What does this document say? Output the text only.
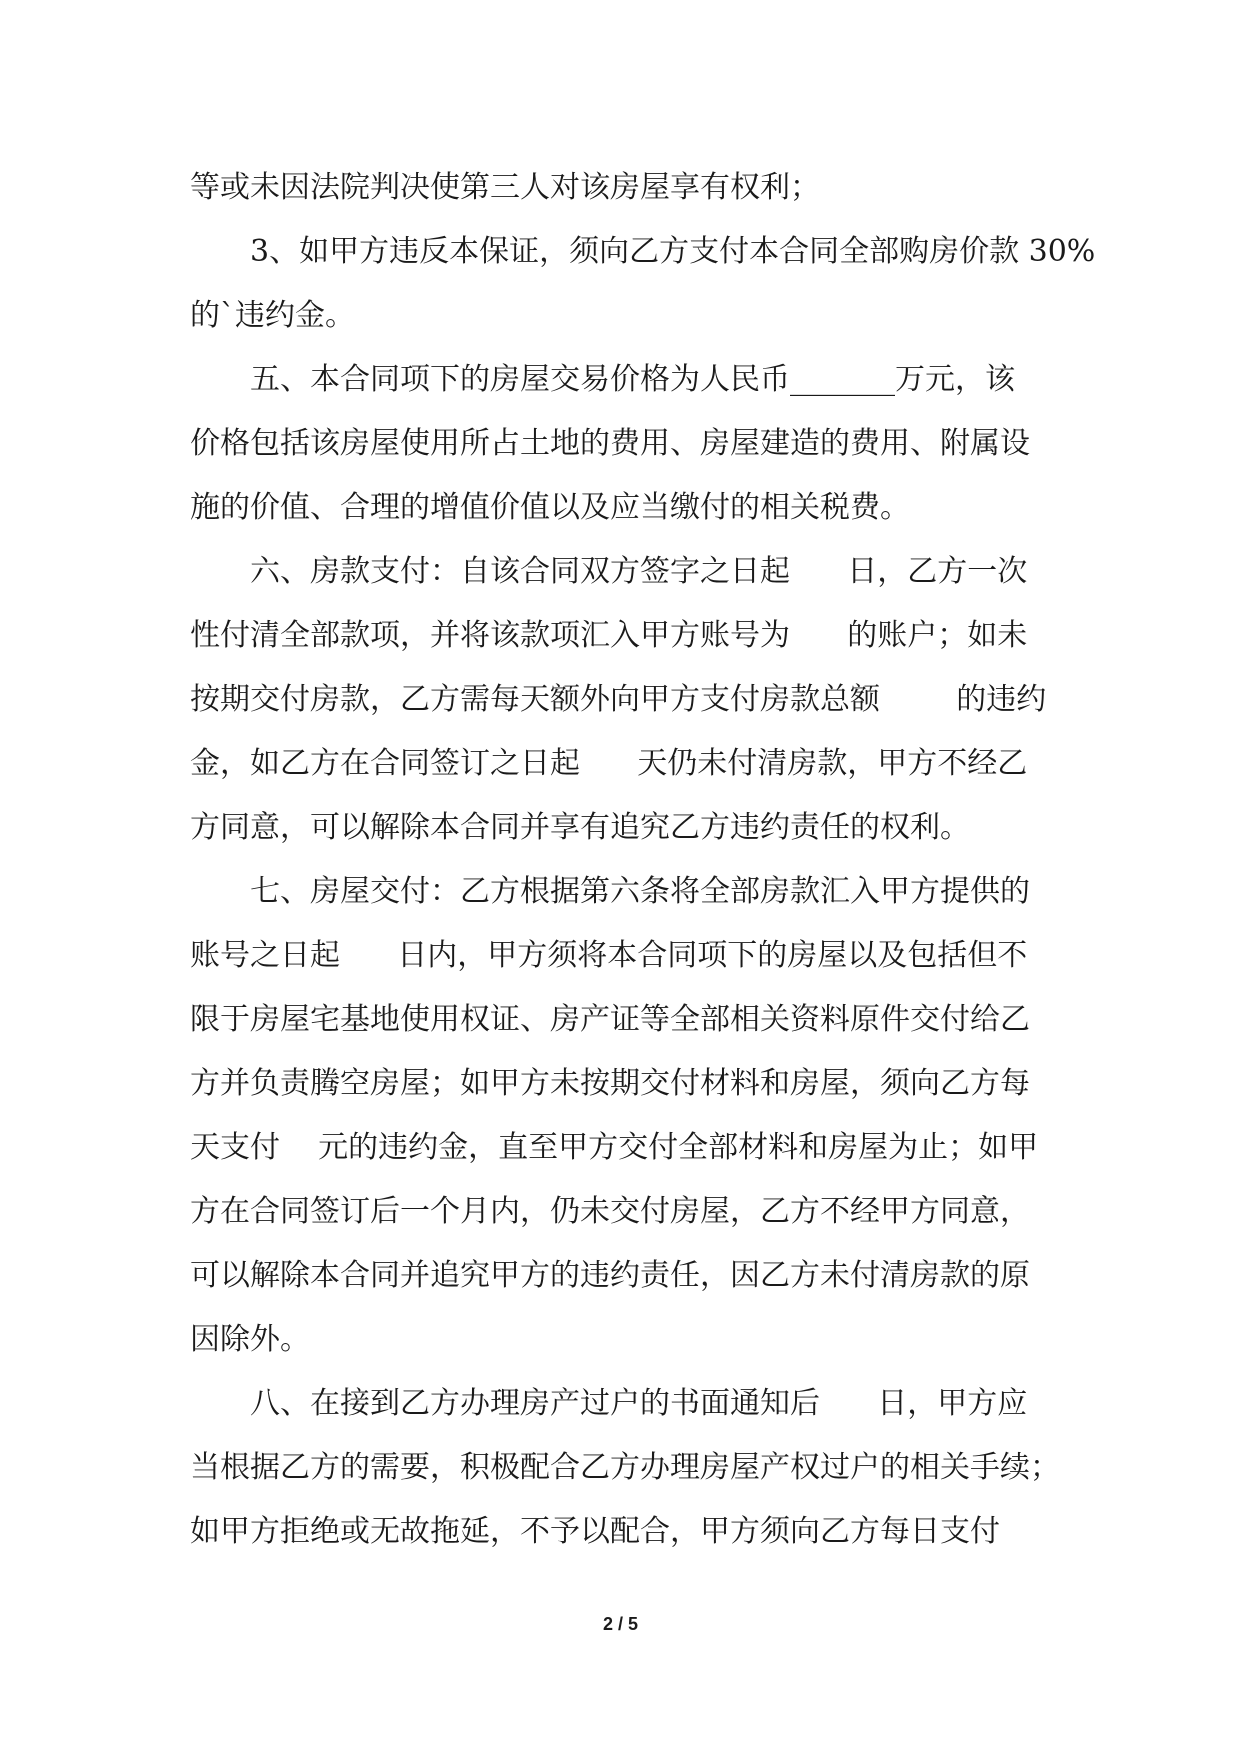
等或未因法院判决使第三人对该房屋享有权利；
3、如甲方违反本保证，须向乙方支付本合同全部购房价款 30%
的`违约金。
五、本合同项下的房屋交易价格为人民币_______万元，该
价格包括该房屋使用所占土地的费用、房屋建造的费用、附属设
施的价值、合理的增值价值以及应当缴付的相关税费。
六、房款支付：自该合同双方签字之日起      日，乙方一次
性付清全部款项，并将该款项汇入甲方账号为      的账户；如未
按期交付房款，乙方需每天额外向甲方支付房款总额        的违约
金，如乙方在合同签订之日起      天仍未付清房款，甲方不经乙
方同意，可以解除本合同并享有追究乙方违约责任的权利。
七、房屋交付：乙方根据第六条将全部房款汇入甲方提供的
账号之日起      日内，甲方须将本合同项下的房屋以及包括但不
限于房屋宅基地使用权证、房产证等全部相关资料原件交付给乙
方并负责腾空房屋；如甲方未按期交付材料和房屋，须向乙方每
天支付    元的违约金，直至甲方交付全部材料和房屋为止；如甲
方在合同签订后一个月内，仍未交付房屋，乙方不经甲方同意，
可以解除本合同并追究甲方的违约责任，因乙方未付清房款的原
因除外。
八、在接到乙方办理房产过户的书面通知后      日，甲方应
当根据乙方的需要，积极配合乙方办理房屋产权过户的相关手续；
如甲方拒绝或无故拖延，不予以配合，甲方须向乙方每日支付
2 / 5
